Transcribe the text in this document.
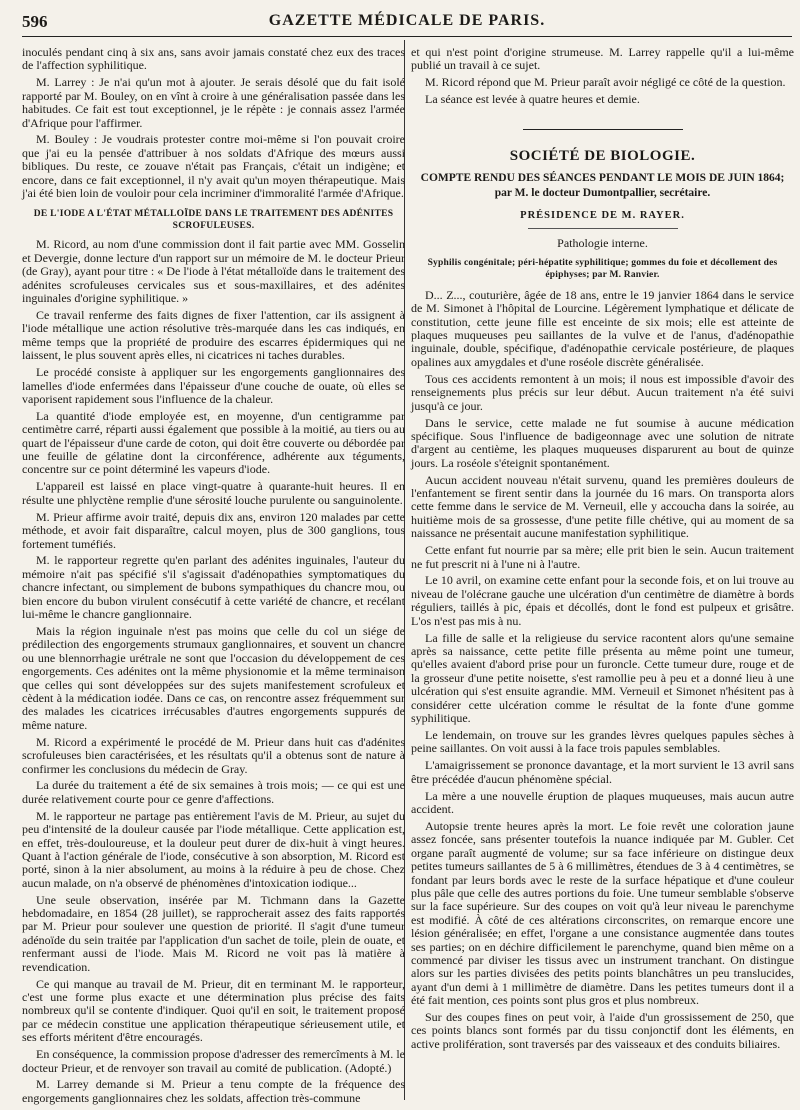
596	GAZETTE MÉDICALE DE PARIS.

inoculés pendant cinq à six ans, sans avoir jamais constaté chez eux des traces de l'affection syphilitique.

M. Larrey : Je n'ai qu'un mot à ajouter. Je serais désolé que du fait isolé rapporté par M. Bouley, on en vînt à croire à une généralisation passée dans les habitudes. Ce fait est tout exceptionnel, je le répète : je connais assez l'armée d'Afrique pour l'affirmer.

M. Bouley : Je voudrais protester contre moi-même si l'on pouvait croire que j'ai eu la pensée d'attribuer à nos soldats d'Afrique des mœurs aussi bibliques. Du reste, ce zouave n'était pas Français, c'était un indigène; et encore, dans ce fait exceptionnel, il n'y avait qu'un moyen thérapeutique. Mais j'ai été bien loin de vouloir pour cela incriminer d'immoralité l'armée d'Afrique.

DE L'IODE A L'ÉTAT MÉTALLOÏDE DANS LE TRAITEMENT DES ADÉNITES SCROFULEUSES.

M. Ricord, au nom d'une commission dont il fait partie avec MM. Gosselin et Devergie, donne lecture d'un rapport sur un mémoire de M. le docteur Prieur (de Gray), ayant pour titre : « De l'iode à l'état métalloïde dans le traitement des adénites scrofuleuses cervicales sus et sous-maxillaires, et des adénites inguinales d'origine syphilitique. »

Ce travail renferme des faits dignes de fixer l'attention, car ils assignent à l'iode métallique une action résolutive très-marquée dans les cas indiqués, en même temps que la propriété de produire des escarres épidermiques qui ne laissent, le plus souvent après elles, ni cicatrices ni taches durables.

Le procédé consiste à appliquer sur les engorgements ganglionnaires des lamelles d'iode enfermées dans l'épaisseur d'une couche de ouate, où elles se vaporisent rapidement sous l'influence de la chaleur.

La quantité d'iode employée est, en moyenne, d'un centigramme par centimètre carré, réparti aussi également que possible à la moitié, au tiers ou au quart de l'épaisseur d'une carde de coton, qui doit être couverte ou débordée par une feuille de gélatine dont la circonférence, adhérente aux téguments, concentre sur ce point déterminé les vapeurs d'iode.

L'appareil est laissé en place vingt-quatre à quarante-huit heures. Il en résulte une phlyctène remplie d'une sérosité louche purulente ou sanguinolente.

M. Prieur affirme avoir traité, depuis dix ans, environ 120 malades par cette méthode, et avoir fait disparaître, calcul moyen, plus de 300 ganglions, tous fortement tuméfiés.

M. le rapporteur regrette qu'en parlant des adénites inguinales, l'auteur du mémoire n'ait pas spécifié s'il s'agissait d'adénopathies symptomatiques du chancre infectant, ou simplement de bubons sympathiques du chancre mou, ou bien encore du bubon virulent consécutif à cette variété de chancre, et recélant lui-même le chancre ganglionnaire.

Mais la région inguinale n'est pas moins que celle du col un siége de prédilection des engorgements strumaux ganglionnaires, et souvent un chancre ou une blennorrhagie urétrale ne sont que l'occasion du développement de ces engorgements. Ces adénites ont la même physionomie et la même terminaison que celles qui sont développées sur des sujets manifestement scrofuleux et cèdent à la médication iodée. Dans ce cas, on rencontre assez fréquemment sur des malades les cicatrices irrécusables d'autres engorgements suppurés de même nature.

M. Ricord a expérimenté le procédé de M. Prieur dans huit cas d'adénites scrofuleuses bien caractérisées, et les résultats qu'il a obtenus sont de nature à confirmer les conclusions du médecin de Gray.

La durée du traitement a été de six semaines à trois mois; — ce qui est une durée relativement courte pour ce genre d'affections.

M. le rapporteur ne partage pas entièrement l'avis de M. Prieur, au sujet du peu d'intensité de la douleur causée par l'iode métallique. Cette application est, en effet, très-douloureuse, et la douleur peut durer de dix-huit à vingt heures. Quant à l'action générale de l'iode, consécutive à son absorption, M. Ricord est porté, sinon à la nier absolument, au moins à la réduire à peu de chose. Chez aucun malade, on n'a observé de phénomènes d'intoxication iodique...

Une seule observation, insérée par M. Tichmann dans la Gazette hebdomadaire, en 1854 (28 juillet), se rapprocherait assez des faits rapportés par M. Prieur pour soulever une question de priorité. Il s'agit d'une tumeur adénoïde du sein traitée par l'application d'un sachet de toile, plein de ouate, et renfermant aussi de l'iode. Mais M. Ricord ne voit pas là matière à revendication.

Ce qui manque au travail de M. Prieur, dit en terminant M. le rapporteur, c'est une forme plus exacte et une détermination plus précise des faits nombreux qu'il se contente d'indiquer. Quoi qu'il en soit, le traitement proposé par ce médecin constitue une application thérapeutique sérieusement utile, et ses efforts méritent d'être encouragés.

En conséquence, la commission propose d'adresser des remercîments à M. le docteur Prieur, et de renvoyer son travail au comité de publication. (Adopté.)

M. Larrey demande si M. Prieur a tenu compte de la fréquence des engorgements ganglionnaires chez les soldats, affection très-commune

et qui n'est point d'origine strumeuse. M. Larrey rappelle qu'il a lui-même publié un travail à ce sujet.

M. Ricord répond que M. Prieur paraît avoir négligé ce côté de la question.

La séance est levée à quatre heures et demie.

SOCIÉTÉ DE BIOLOGIE.
COMPTE RENDU DES SÉANCES PENDANT LE MOIS DE JUIN 1864;
par M. le docteur Dumontpallier, secrétaire.
PRÉSIDENCE DE M. RAYER.
Pathologie interne.
Syphilis congénitale; péri-hépatite syphilitique; gommes du foie et décollement des épiphyses; par M. Ranvier.

D... Z..., couturière, âgée de 18 ans, entre le 19 janvier 1864 dans le service de M. Simonet à l'hôpital de Lourcine. Légèrement lymphatique et délicate de constitution, cette jeune fille est enceinte de six mois; elle est atteinte de plaques muqueuses peu saillantes de la vulve et de l'anus, d'adénopathie inguinale, double, spécifique, d'adénopathie cervicale postérieure, de plaques opalines aux amygdales et d'une roséole discrète généralisée.

Tous ces accidents remontent à un mois; il nous est impossible d'avoir des renseignements plus précis sur leur début. Aucun traitement n'a été suivi jusqu'à ce jour.

Dans le service, cette malade ne fut soumise à aucune médication spécifique. Sous l'influence de badigeonnage avec une solution de nitrate d'argent au centième, les plaques muqueuses disparurent au bout de quinze jours. La roséole s'éteignit spontanément.

Aucun accident nouveau n'était survenu, quand les premières douleurs de l'enfantement se firent sentir dans la journée du 16 mars. On transporta alors cette femme dans le service de M. Verneuil, elle y accoucha dans la soirée, au huitième mois de sa grossesse, d'une petite fille chétive, qui au moment de sa naissance ne présentait aucune manifestation syphilitique.

Cette enfant fut nourrie par sa mère; elle prit bien le sein. Aucun traitement ne fut prescrit ni à l'une ni à l'autre.

Le 10 avril, on examine cette enfant pour la seconde fois, et on lui trouve au niveau de l'olécrane gauche une ulcération d'un centimètre de diamètre à bords réguliers, taillés à pic, épais et décollés, dont le fond est pulpeux et grisâtre. L'os n'est pas mis à nu.

La fille de salle et la religieuse du service racontent alors qu'une semaine après sa naissance, cette petite fille présenta au même point une tumeur, qu'elles avaient d'abord prise pour un furoncle. Cette tumeur dure, rouge et de la grosseur d'une petite noisette, s'est ramollie peu à peu et a donné lieu à une ulcération qui s'est ensuite agrandie. MM. Verneuil et Simonet n'hésitent pas à considérer cette ulcération comme le résultat de la fonte d'une gomme syphilitique.

Le lendemain, on trouve sur les grandes lèvres quelques papules sèches à peine saillantes. On voit aussi à la face trois papules semblables.

L'amaigrissement se prononce davantage, et la mort survient le 13 avril sans être précédée d'aucun phénomène spécial.

La mère a une nouvelle éruption de plaques muqueuses, mais aucun autre accident.

Autopsie trente heures après la mort. Le foie revêt une coloration jaune assez foncée, sans présenter toutefois la nuance indiquée par M. Gubler. Cet organe paraît augmenté de volume; sur sa face inférieure on distingue deux petites tumeurs saillantes de 5 à 6 millimètres, étendues de 3 à 4 centimètres, se fondant par leurs bords avec le reste de la surface hépatique et d'une couleur plus pâle que celle des autres portions du foie. Une tumeur semblable s'observe sur la face supérieure. Sur des coupes on voit qu'à leur niveau le parenchyme est modifié. À côté de ces altérations circonscrites, on remarque encore une lésion généralisée; en effet, l'organe a une consistance augmentée dans toutes ses parties; on en déchire difficilement le parenchyme, quand bien même on a commencé par diviser les tissus avec un instrument tranchant. On distingue alors sur les parties divisées des petits points blanchâtres un peu translucides, ayant d'un demi à 1 millimètre de diamètre. Dans les petites tumeurs dont il a été fait mention, ces points sont plus gros et plus nombreux.

Sur des coupes fines on peut voir, à l'aide d'un grossissement de 250, que ces points blancs sont formés par du tissu conjonctif dont les éléments, en active prolifération, sont traversés par des vaisseaux et des conduits biliaires.
